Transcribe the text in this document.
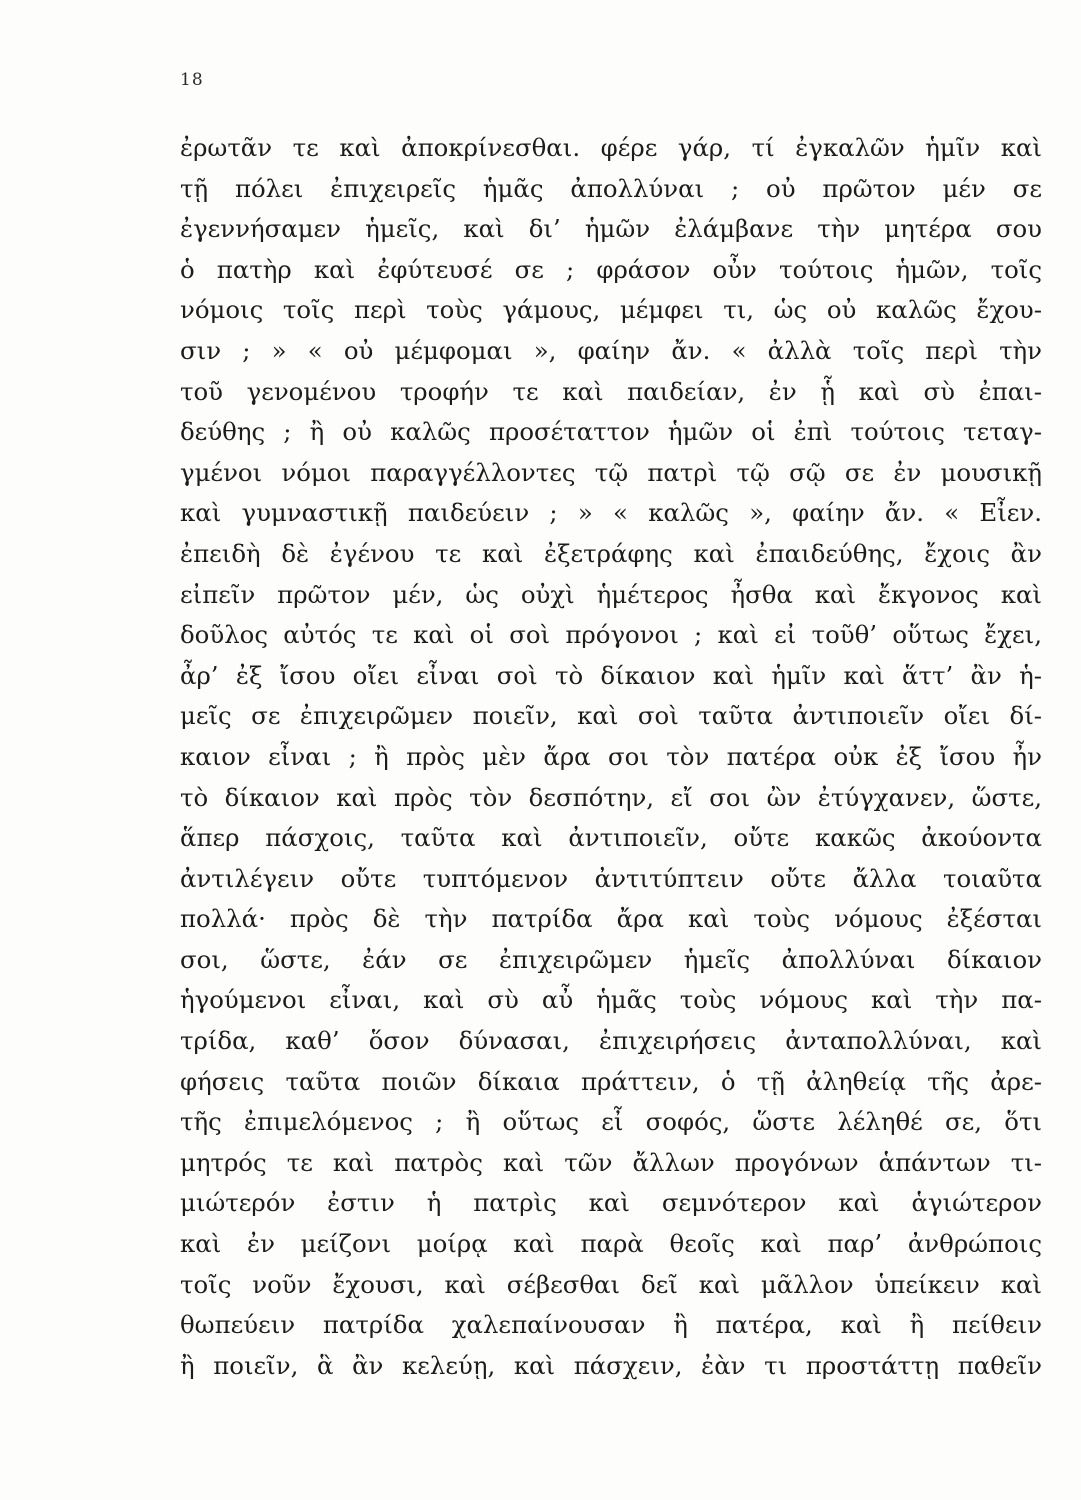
18
ἐρωτᾶν τε καὶ ἀποκρίνεσθαι. φέρε γάρ, τί ἐγκαλῶν ἡμῖν καὶ
τῇ πόλει ἐπιχειρεῖς ἡμᾶς ἀπολλύναι ; οὐ πρῶτον μέν σε
ἐγεννήσαμεν ἡμεῖς, καὶ δι’ ἡμῶν ἐλάμβανε τὴν μητέρα σου
ὁ πατὴρ καὶ ἐφύτευσέ σε ; φράσον οὖν τούτοις ἡμῶν, τοῖς
νόμοις τοῖς περὶ τοὺς γάμους, μέμφει τι, ὡς οὐ καλῶς ἔχου-
σιν ; » « οὐ μέμφομαι », φαίην ἄν. « ἀλλὰ τοῖς περὶ τὴν
τοῦ γενομένου τροφήν τε καὶ παιδείαν, ἐν ᾗ καὶ σὺ ἐπαι-
δεύθης ; ἢ οὐ καλῶς προσέταττον ἡμῶν οἱ ἐπὶ τούτοις τεταγ-
γμένοι νόμοι παραγγέλλοντες τῷ πατρὶ τῷ σῷ σε ἐν μουσικῇ
καὶ γυμναστικῇ παιδεύειν ; » « καλῶς », φαίην ἄν. « Εἶεν.
ἐπειδὴ δὲ ἐγένου τε καὶ ἐξετράφης καὶ ἐπαιδεύθης, ἔχοις ἂν
εἰπεῖν πρῶτον μέν, ὡς οὐχὶ ἡμέτερος ἦσθα καὶ ἔκγονος καὶ
δοῦλος αὐτός τε καὶ οἱ σοὶ πρόγονοι ; καὶ εἰ τοῦθ’ οὕτως ἔχει,
ἆρ’ ἐξ ἴσου οἴει εἶναι σοὶ τὸ δίκαιον καὶ ἡμῖν καὶ ἅττ’ ἂν ἡ-
μεῖς σε ἐπιχειρῶμεν ποιεῖν, καὶ σοὶ ταῦτα ἀντιποιεῖν οἴει δί-
καιον εἶναι ; ἢ πρὸς μὲν ἄρα σοι τὸν πατέρα οὐκ ἐξ ἴσου ἦν
τὸ δίκαιον καὶ πρὸς τὸν δεσπότην, εἴ σοι ὢν ἐτύγχανεν, ὥστε,
ἅπερ πάσχοις, ταῦτα καὶ ἀντιποιεῖν, οὔτε κακῶς ἀκούοντα
ἀντιλέγειν οὔτε τυπτόμενον ἀντιτύπτειν οὔτε ἄλλα τοιαῦτα
πολλά· πρὸς δὲ τὴν πατρίδα ἄρα καὶ τοὺς νόμους ἐξέσται
σοι, ὥστε, ἐάν σε ἐπιχειρῶμεν ἡμεῖς ἀπολλύναι δίκαιον
ἡγούμενοι εἶναι, καὶ σὺ αὖ ἡμᾶς τοὺς νόμους καὶ τὴν πα-
τρίδα, καθ’ ὅσον δύνασαι, ἐπιχειρήσεις ἀνταπολλύναι, καὶ
φήσεις ταῦτα ποιῶν δίκαια πράττειν, ὁ τῇ ἀληθείᾳ τῆς ἀρε-
τῆς ἐπιμελόμενος ; ἢ οὕτως εἶ σοφός, ὥστε λέληθέ σε, ὅτι
μητρός τε καὶ πατρὸς καὶ τῶν ἄλλων προγόνων ἁπάντων τι-
μιώτερόν ἐστιν ἡ πατρὶς καὶ σεμνότερον καὶ ἁγιώτερον
καὶ ἐν μείζονι μοίρᾳ καὶ παρὰ θεοῖς καὶ παρ’ ἀνθρώποις
τοῖς νοῦν ἔχουσι, καὶ σέβεσθαι δεῖ καὶ μᾶλλον ὑπείκειν καὶ
θωπεύειν πατρίδα χαλεπαίνουσαν ἢ πατέρα, καὶ ἢ πείθειν
ἢ ποιεῖν, ἃ ἂν κελεύῃ, καὶ πάσχειν, ἐὰν τι προστάττῃ παθεῖν
